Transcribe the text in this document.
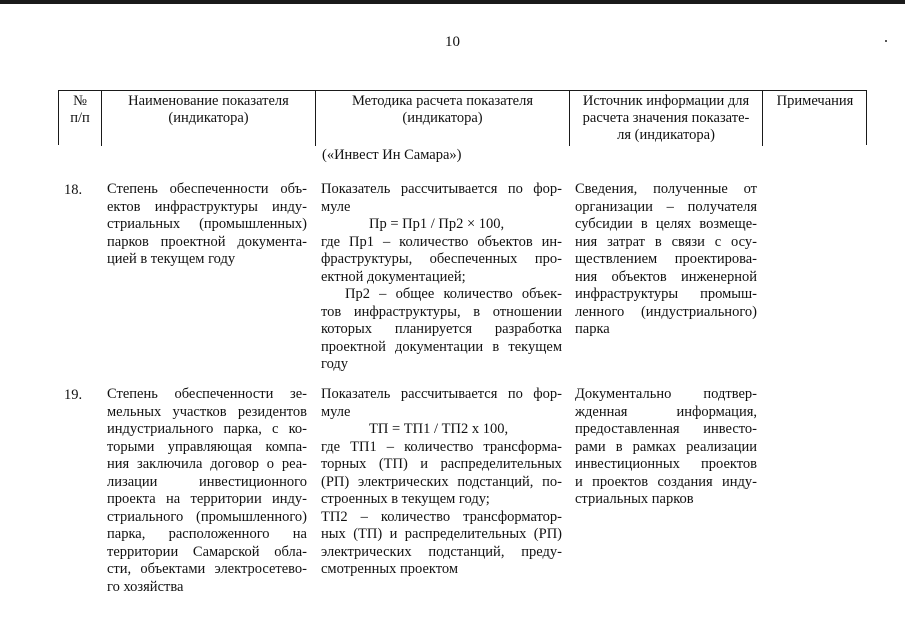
10
№
п/п
Наименование показателя
(индикатора)
Методика расчета показателя
(индикатора)
Источник информации для
расчета значения показате-
ля (индикатора)
Примечания
(«Инвест Ин Самара»)
18. Степень обеспеченности объ-
ектов инфраструктуры инду-
стриальных (промышленных)
парков проектной документа-
цией в текущем году
Показатель рассчитывается по фор-
муле
Пр = Пр1 / Пр2 × 100,
где Пр1 – количество объектов ин-
фраструктуры, обеспеченных про-
ектной документацией;
Пр2 – общее количество объек-
тов инфраструктуры, в отношении
которых планируется разработка
проектной документации в текущем
году
Сведения, полученные от
организации – получателя
субсидии в целях возмеще-
ния затрат в связи с осу-
ществлением проектирова-
ния объектов инженерной
инфраструктуры промыш-
ленного (индустриального)
парка
19. Степень обеспеченности зе-
мельных участков резидентов
индустриального парка, с ко-
торыми управляющая компа-
ния заключила договор о реа-
лизации инвестиционного
проекта на территории инду-
стриального (промышленного)
парка, расположенного на
территории Самарской обла-
сти, объектами электросетево-
го хозяйства
Показатель рассчитывается по фор-
муле
ТП = ТП1 / ТП2 x 100,
где ТП1 – количество трансформа-
торных (ТП) и распределительных
(РП) электрических подстанций, по-
строенных в текущем году;
ТП2 – количество трансформатор-
ных (ТП) и распределительных (РП)
электрических подстанций, преду-
смотренных проектом
Документально подтвер-
жденная информация,
предоставленная инвесто-
рами в рамках реализации
инвестиционных проектов
и проектов создания инду-
стриальных парков
